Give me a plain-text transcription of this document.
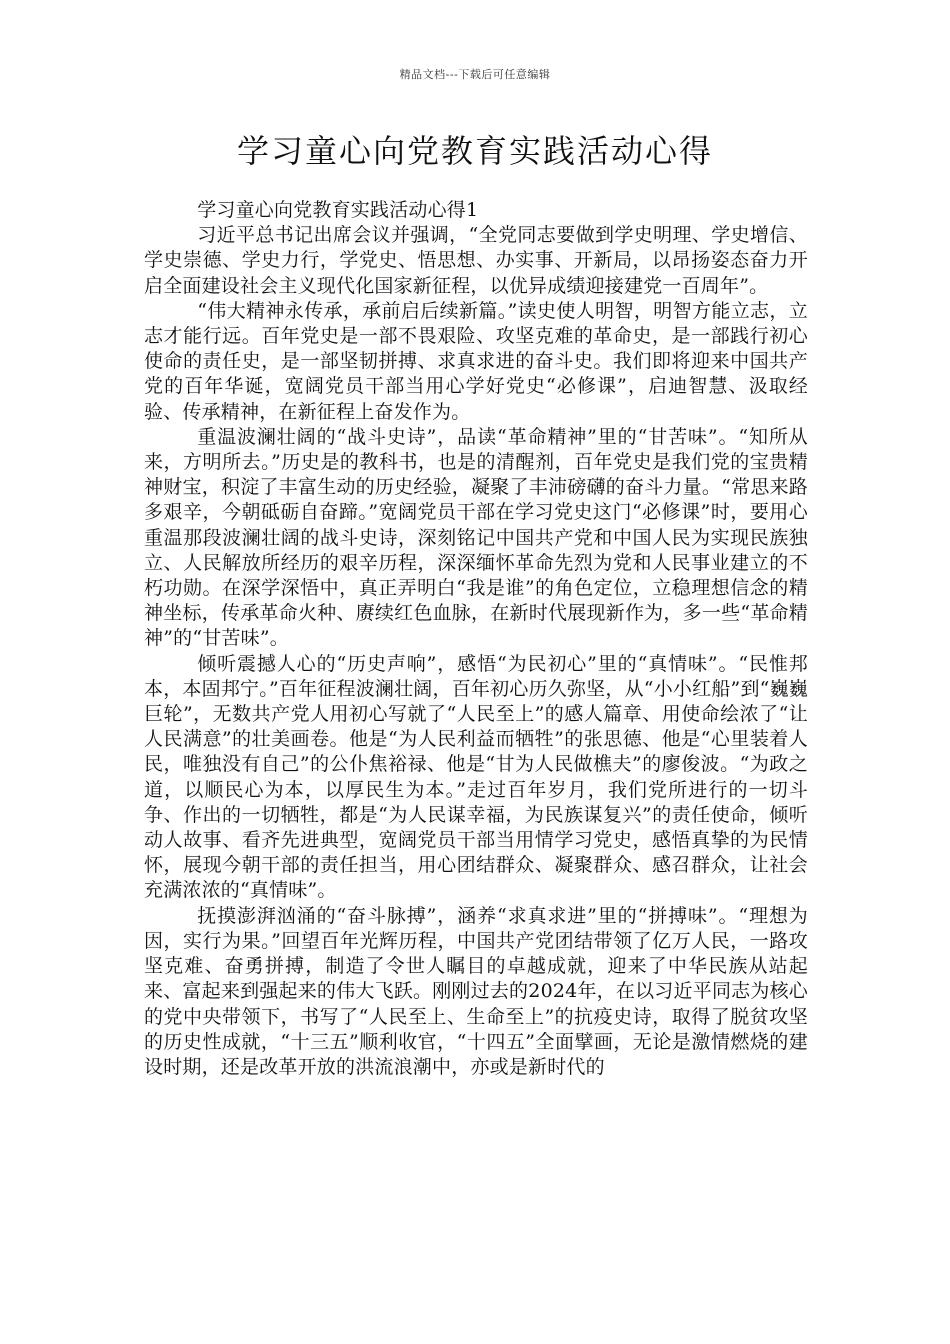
精品文档---下载后可任意编辑
学习童心向党教育实践活动心得

学习童心向党教育实践活动心得1

习近平总书记出席会议并强调，“全党同志要做到学史明理、学史增信、学史崇德、学史力行，学党史、悟思想、办实事、开新局，以昂扬姿态奋力开启全面建设社会主义现代化国家新征程，以优异成绩迎接建党一百周年”。

“伟大精神永传承，承前启后续新篇。”读史使人明智，明智方能立志，立志才能行远。百年党史是一部不畏艰险、攻坚克难的革命史，是一部践行初心使命的责任史，是一部坚韧拼搏、求真求进的奋斗史。我们即将迎来中国共产党的百年华诞，宽阔党员干部当用心学好党史“必修课”，启迪智慧、汲取经验、传承精神，在新征程上奋发作为。

重温波澜壮阔的“战斗史诗”，品读“革命精神”里的“甘苦味”。“知所从来，方明所去。”历史是的教科书，也是的清醒剂，百年党史是我们党的宝贵精神财宝，积淀了丰富生动的历史经验，凝聚了丰沛磅礴的奋斗力量。“常思来路多艰辛，今朝砥砺自奋蹄。”宽阔党员干部在学习党史这门“必修课”时，要用心重温那段波澜壮阔的战斗史诗，深刻铭记中国共产党和中国人民为实现民族独立、人民解放所经历的艰辛历程，深深缅怀革命先烈为党和人民事业建立的不朽功勋。在深学深悟中，真正弄明白“我是谁”的角色定位，立稳理想信念的精神坐标，传承革命火种、赓续红色血脉，在新时代展现新作为，多一些“革命精神”的“甘苦味”。

倾听震撼人心的“历史声响”，感悟“为民初心”里的“真情味”。“民惟邦本，本固邦宁。”百年征程波澜壮阔，百年初心历久弥坚，从“小小红船”到“巍巍巨轮”，无数共产党人用初心写就了“人民至上”的感人篇章、用使命绘浓了“让人民满意”的壮美画卷。他是“为人民利益而牺牲”的张思德、他是“心里装着人民，唯独没有自己”的公仆焦裕禄、他是“甘为人民做樵夫”的廖俊波。“为政之道，以顺民心为本，以厚民生为本。”走过百年岁月，我们党所进行的一切斗争、作出的一切牺牲，都是“为人民谋幸福，为民族谋复兴”的责任使命，倾听动人故事、看齐先进典型，宽阔党员干部当用情学习党史，感悟真挚的为民情怀，展现今朝干部的责任担当，用心团结群众、凝聚群众、感召群众，让社会充满浓浓的“真情味”。

抚摸澎湃汹涌的“奋斗脉搏”，涵养“求真求进”里的“拼搏味”。“理想为因，实行为果。”回望百年光辉历程，中国共产党团结带领了亿万人民，一路攻坚克难、奋勇拼搏，制造了令世人瞩目的卓越成就，迎来了中华民族从站起来、富起来到强起来的伟大飞跃。刚刚过去的2024年，在以习近平同志为核心的党中央带领下，书写了“人民至上、生命至上”的抗疫史诗，取得了脱贫攻坚的历史性成就，“十三五”顺利收官，“十四五”全面擘画，无论是激情燃烧的建设时期，还是改革开放的洪流浪潮中，亦或是新时代的
